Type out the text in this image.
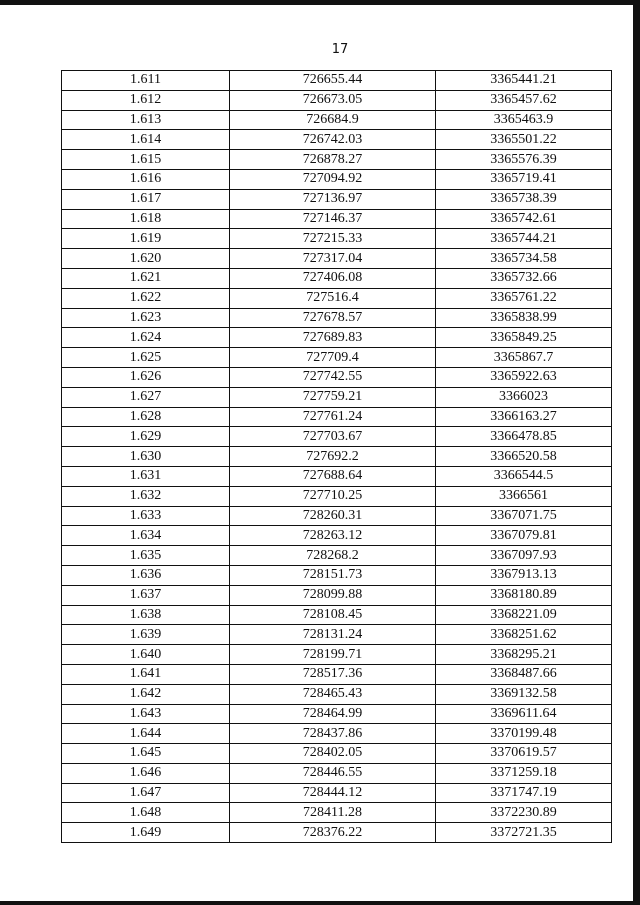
17
1.611	726655.44	3365441.21
1.612	726673.05	3365457.62
1.613	726684.9	3365463.9
1.614	726742.03	3365501.22
1.615	726878.27	3365576.39
1.616	727094.92	3365719.41
1.617	727136.97	3365738.39
1.618	727146.37	3365742.61
1.619	727215.33	3365744.21
1.620	727317.04	3365734.58
1.621	727406.08	3365732.66
1.622	727516.4	3365761.22
1.623	727678.57	3365838.99
1.624	727689.83	3365849.25
1.625	727709.4	3365867.7
1.626	727742.55	3365922.63
1.627	727759.21	3366023
1.628	727761.24	3366163.27
1.629	727703.67	3366478.85
1.630	727692.2	3366520.58
1.631	727688.64	3366544.5
1.632	727710.25	3366561
1.633	728260.31	3367071.75
1.634	728263.12	3367079.81
1.635	728268.2	3367097.93
1.636	728151.73	3367913.13
1.637	728099.88	3368180.89
1.638	728108.45	3368221.09
1.639	728131.24	3368251.62
1.640	728199.71	3368295.21
1.641	728517.36	3368487.66
1.642	728465.43	3369132.58
1.643	728464.99	3369611.64
1.644	728437.86	3370199.48
1.645	728402.05	3370619.57
1.646	728446.55	3371259.18
1.647	728444.12	3371747.19
1.648	728411.28	3372230.89
1.649	728376.22	3372721.35
